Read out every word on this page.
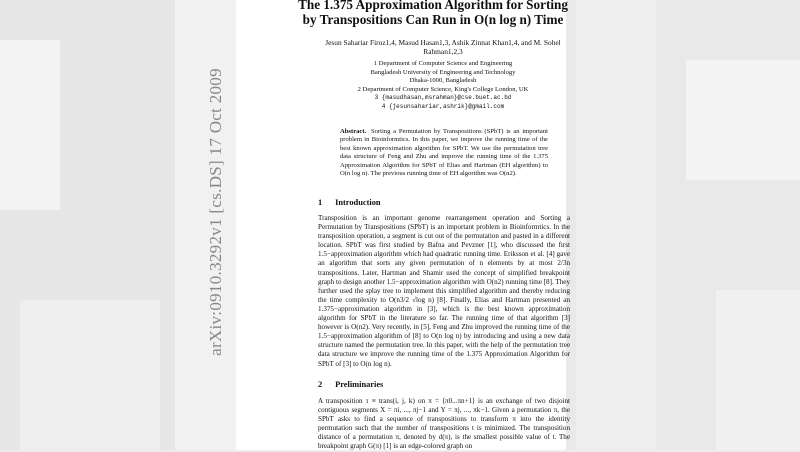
arXiv:0910.3292v1 [cs.DS] 17 Oct 2009
The 1.375 Approximation Algorithm for Sorting
by Transpositions Can Run in O(n log n) Time
Jesun Sahariar Firoz1,4, Masud Hasan1,3, Ashik Zinnat Khan1,4, and M. Sohel
Rahman1,2,3
1 Department of Computer Science and Engineering
Bangladesh University of Engineering and Technology
Dhaka-1000, Bangladesh
2 Department of Computer Science, King's College London, UK
3 {masudhasan,msrahman}@cse.buet.ac.bd
4 {jesunsahariar,ashrik}@gmail.com
Abstract. Sorting a Permutation by Transpositions (SPbT) is an important problem in Bioinformtics. In this paper, we improve the running time of the best known approximation algorithm for SPbT. We use the permutation tree data structure of Feng and Zhu and improve the running time of the 1.375 Approximation Algorithm for SPbT of Elias and Hartman (EH algorithm) to O(n log n). The previous running time of EH algorithm was O(n2).
1 Introduction
Transposition is an important genome rearrangement operation and Sorting a Permutation by Transpositions (SPbT) is an important problem in Bioinformtics. In the transposition operation, a segment is cut out of the permutation and pasted in a different location. SPbT was first studied by Bafna and Pevzner [1], who discussed the first 1.5−approximation algorithm which had quadratic running time. Eriksson et al. [4] gave an algorithm that sorts any given permutation of n elements by at most 2/3n transpositions. Later, Hartman and Shamir used the concept of simplified breakpoint graph to design another 1.5−approximation algorithm with O(n2) running time [8]. They further used the splay tree to implement this simplified algorithm and thereby reducing the time complexity to O(n3/2 √log n) [8]. Finally, Elias and Hartman presented an 1.375−approximation algorithm in [3], which is the best known approximation algorithm for SPbT in the literature so far. The running time of that algorithm [3] however is O(n2). Very recently, in [5], Feng and Zhu improved the running time of the 1.5−approximation algorithm of [8] to O(n log n) by introducing and using a new data structure named the permutation tree. In this paper, with the help of the permutation tree data structure we improve the running time of the 1.375 Approximation Algorithm for SPbT of [3] to O(n log n).
2 Preliminaries
A transposition τ ≡ trans(i, j, k) on π = ⟨π0...πn+1⟩ is an exchange of two disjoint contiguous segments X = πi, ..., πj−1 and Y = πj, ..., πk−1. Given a permutation π, the SPbT asks to find a sequence of transpositions to transform π into the identity permutation such that the number of transpositions t is minimized. The transposition distance of a permutation π, denoted by d(π), is the smallest possible value of t. The breakpoint graph G(π) [1] is an edge-colored graph on
